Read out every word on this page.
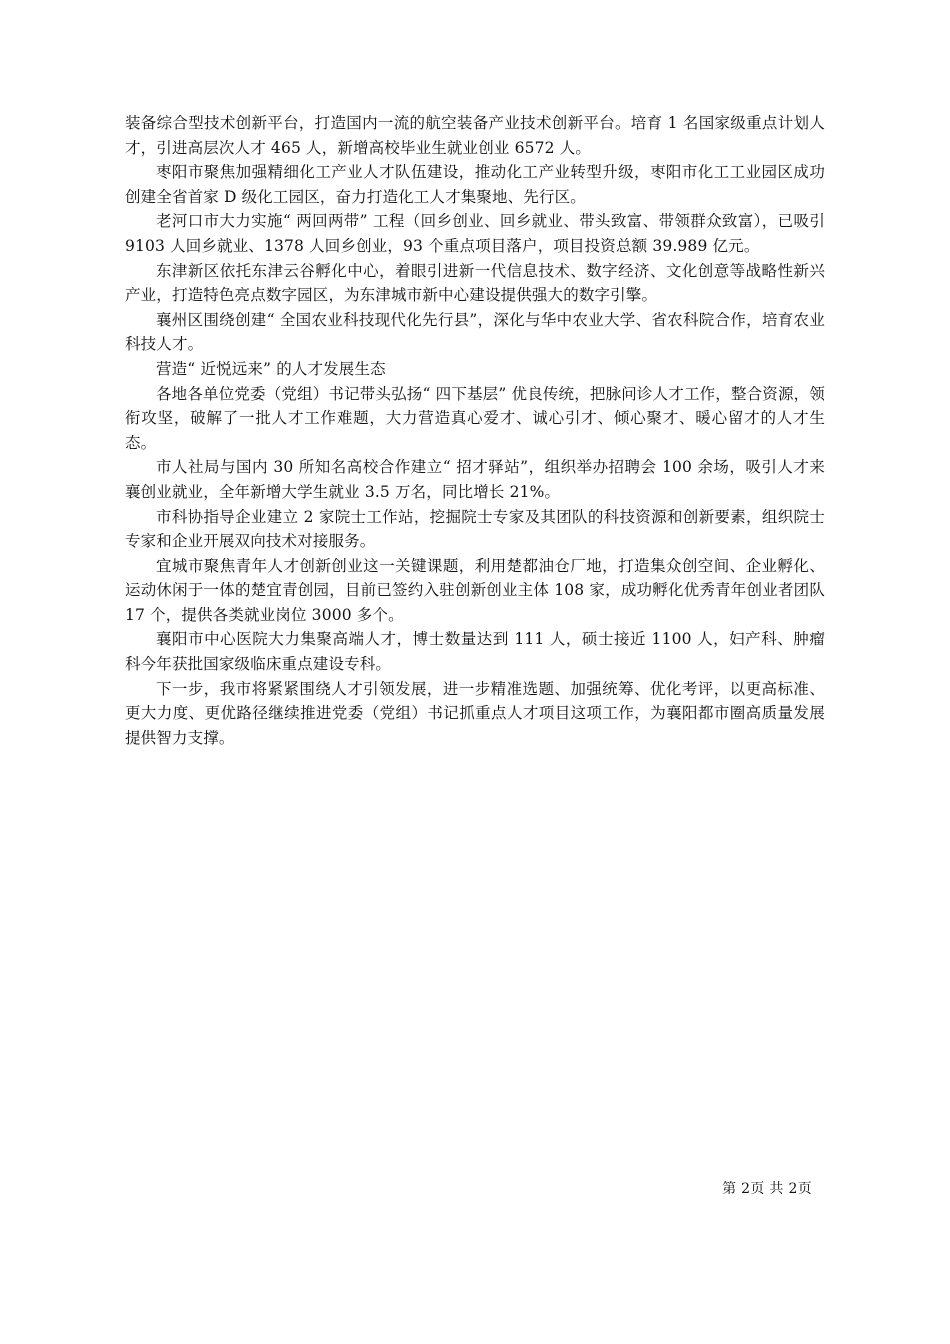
装备综合型技术创新平台，打造国内一流的航空装备产业技术创新平台。培育 1 名国家级重点计划人才，引进高层次人才 465 人，新增高校毕业生就业创业 6572 人。

枣阳市聚焦加强精细化工产业人才队伍建设，推动化工产业转型升级，枣阳市化工工业园区成功创建全省首家 D 级化工园区，奋力打造化工人才集聚地、先行区。

老河口市大力实施“ 两回两带” 工程（回乡创业、回乡就业、带头致富、带领群众致富），已吸引 9103 人回乡就业、1378 人回乡创业，93 个重点项目落户，项目投资总额 39.989 亿元。

东津新区依托东津云谷孵化中心，着眼引进新一代信息技术、数字经济、文化创意等战略性新兴产业，打造特色亮点数字园区，为东津城市新中心建设提供强大的数字引擎。

襄州区围绕创建“ 全国农业科技现代化先行县”，深化与华中农业大学、省农科院合作，培育农业科技人才。

营造“ 近悦远来” 的人才发展生态

各地各单位党委（党组）书记带头弘扬“ 四下基层” 优良传统，把脉问诊人才工作，整合资源，领衔攻坚，破解了一批人才工作难题，大力营造真心爱才、诚心引才、倾心聚才、暖心留才的人才生态。

市人社局与国内 30 所知名高校合作建立“ 招才驿站”，组织举办招聘会 100 余场，吸引人才来襄创业就业，全年新增大学生就业 3.5 万名，同比增长 21%。

市科协指导企业建立 2 家院士工作站，挖掘院士专家及其团队的科技资源和创新要素，组织院士专家和企业开展双向技术对接服务。

宜城市聚焦青年人才创新创业这一关键课题，利用楚都油仓厂地，打造集众创空间、企业孵化、运动休闲于一体的楚宜青创园，目前已签约入驻创新创业主体 108 家，成功孵化优秀青年创业者团队 17 个，提供各类就业岗位 3000 多个。

襄阳市中心医院大力集聚高端人才，博士数量达到 111 人，硕士接近 1100 人，妇产科、肿瘤科今年获批国家级临床重点建设专科。

下一步，我市将紧紧围绕人才引领发展，进一步精准选题、加强统筹、优化考评，以更高标准、更大力度、更优路径继续推进党委（党组）书记抓重点人才项目这项工作，为襄阳都市圈高质量发展提供智力支撑。

第 2页 共 2页
